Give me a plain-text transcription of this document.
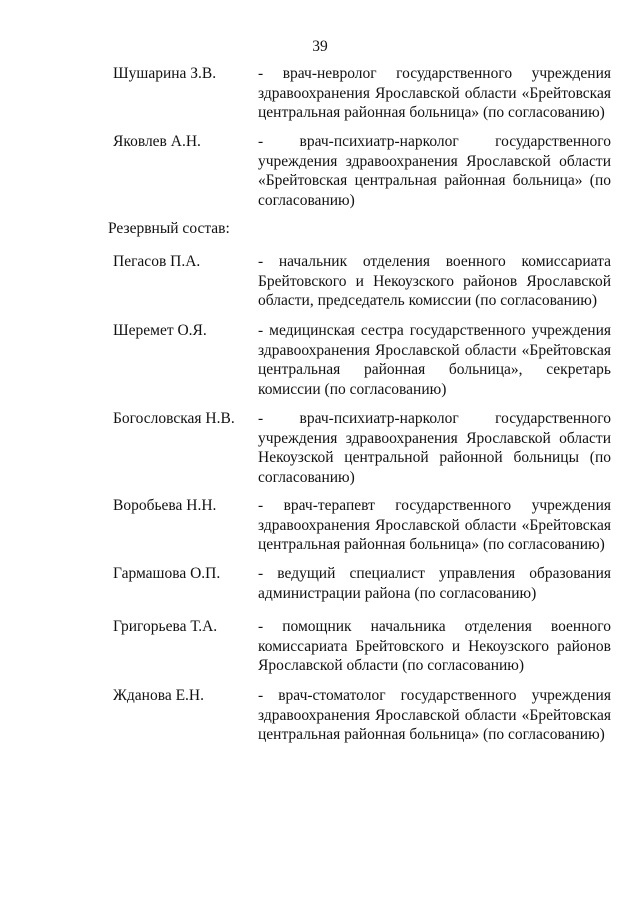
39
Шушарина З.В.	- врач-невролог государственного учреждения здравоохранения Ярославской области «Брейтовская центральная районная больница» (по согласованию)
Яковлев А.Н.	- врач-психиатр-нарколог государственного учреждения здравоохранения Ярославской области «Брейтовская центральная районная больница» (по согласованию)
Резервный состав:
Пегасов П.А.	- начальник отделения военного комиссариата Брейтовского и Некоузского районов Ярославской области, председатель комиссии (по согласованию)
Шеремет О.Я.	- медицинская сестра государственного учреждения здравоохранения Ярославской области «Брейтовская центральная районная больница», секретарь комиссии (по согласованию)
Богословская Н.В. - врач-психиатр-нарколог государственного учреждения здравоохранения Ярославской области Некоузской центральной районной больницы (по согласованию)
Воробьева Н.Н.	- врач-терапевт государственного учреждения здравоохранения Ярославской области «Брейтовская центральная районная больница» (по согласованию)
Гармашова О.П. - ведущий специалист управления образования администрации района (по согласованию)
Григорьева Т.А.	- помощник начальника отделения военного комиссариата Брейтовского и Некоузского районов Ярославской области (по согласованию)
Жданова Е.Н.	- врач-стоматолог государственного учреждения здравоохранения Ярославской области «Брейтовская центральная районная больница» (по согласованию)
